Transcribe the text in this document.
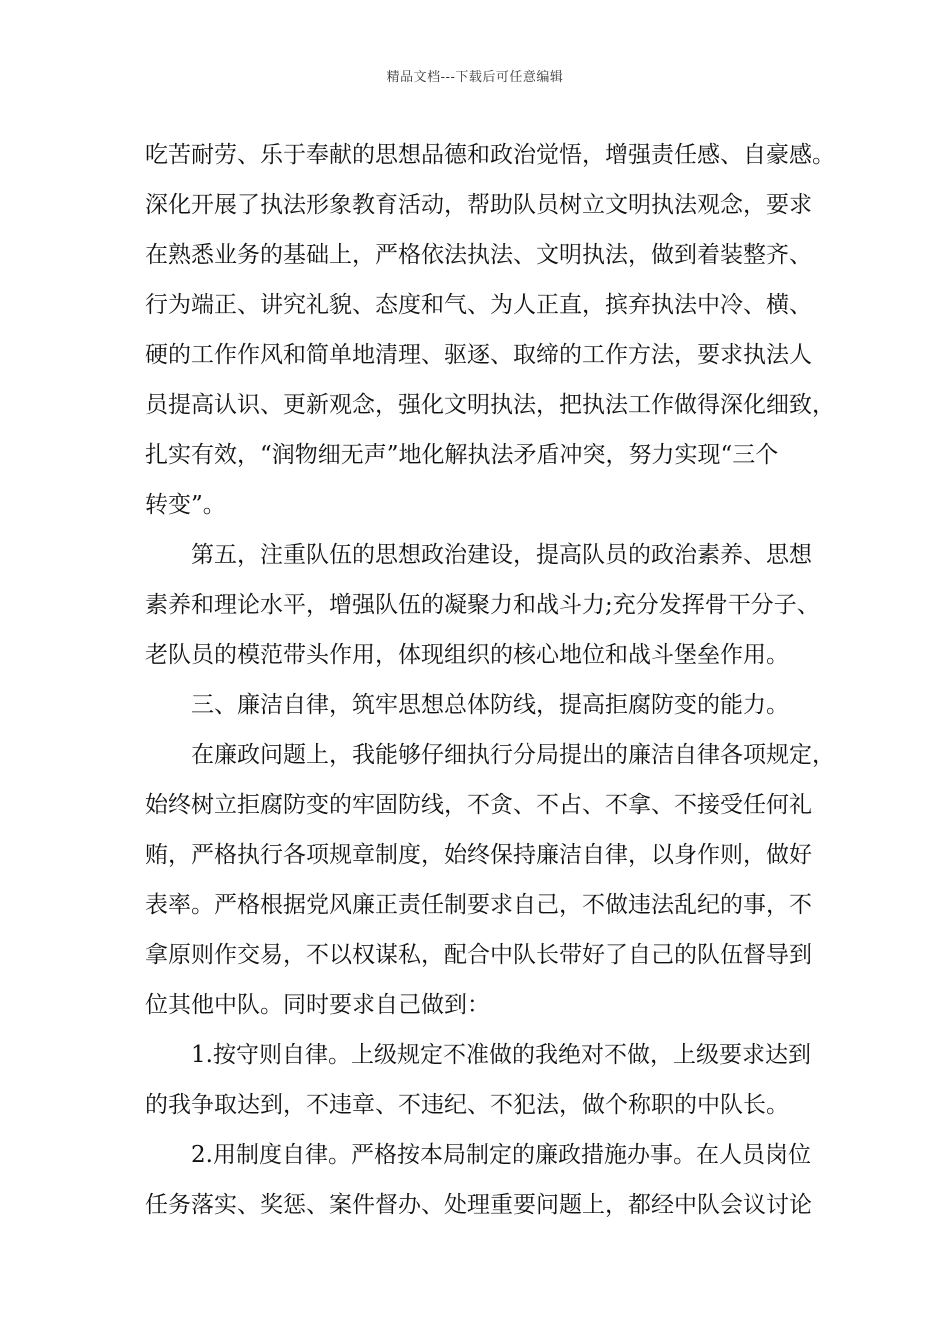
精品文档---下载后可任意编辑
吃苦耐劳、乐于奉献的思想品德和政治觉悟，增强责任感、自豪感。
深化开展了执法形象教育活动，帮助队员树立文明执法观念，要求
在熟悉业务的基础上，严格依法执法、文明执法，做到着装整齐、
行为端正、讲究礼貌、态度和气、为人正直，摈弃执法中冷、横、
硬的工作作风和简单地清理、驱逐、取缔的工作方法，要求执法人
员提高认识、更新观念，强化文明执法，把执法工作做得深化细致，
扎实有效，“润物细无声”地化解执法矛盾冲突，努力实现“三个
转变”。
第五，注重队伍的思想政治建设，提高队员的政治素养、思想
素养和理论水平，增强队伍的凝聚力和战斗力;充分发挥骨干分子、
老队员的模范带头作用，体现组织的核心地位和战斗堡垒作用。
三、廉洁自律，筑牢思想总体防线，提高拒腐防变的能力。
在廉政问题上，我能够仔细执行分局提出的廉洁自律各项规定，
始终树立拒腐防变的牢固防线，不贪、不占、不拿、不接受任何礼
贿，严格执行各项规章制度，始终保持廉洁自律，以身作则，做好
表率。严格根据党风廉正责任制要求自己，不做违法乱纪的事，不
拿原则作交易，不以权谋私，配合中队长带好了自己的队伍督导到
位其他中队。同时要求自己做到：
1.按守则自律。上级规定不准做的我绝对不做，上级要求达到
的我争取达到，不违章、不违纪、不犯法，做个称职的中队长。
2.用制度自律。严格按本局制定的廉政措施办事。在人员岗位
任务落实、奖惩、案件督办、处理重要问题上，都经中队会议讨论
